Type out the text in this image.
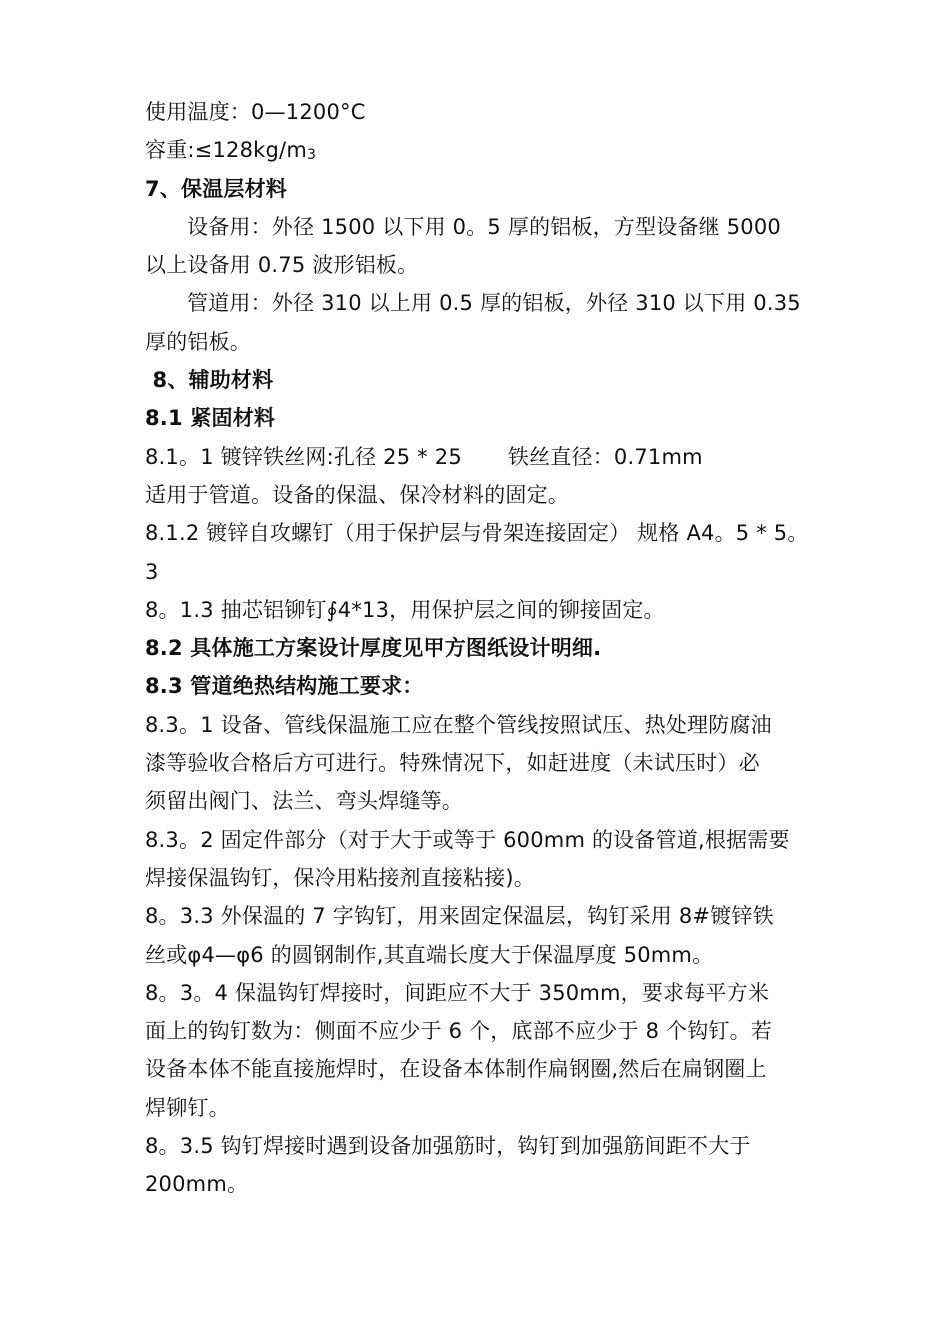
使用温度：0—1200°C
容重:≤128kg/m3
7、保温层材料
设备用：外径 1500 以下用 0。5 厚的铝板，方型设备继 5000
以上设备用 0.75 波形铝板。
管道用：外径 310 以上用 0.5 厚的铝板，外径 310 以下用 0.35
厚的铝板。
8、辅助材料
8.1 紧固材料
8.1。1 镀锌铁丝网:孔径 25 * 25 铁丝直径：0.71mm
适用于管道。设备的保温、保冷材料的固定。
8.1.2 镀锌自攻螺钉（用于保护层与骨架连接固定） 规格 A4。5 * 5。
3
8。1.3 抽芯铝铆钉∮4*13，用保护层之间的铆接固定。
8.2 具体施工方案设计厚度见甲方图纸设计明细.
8.3 管道绝热结构施工要求：
8.3。1 设备、管线保温施工应在整个管线按照试压、热处理防腐油
漆等验收合格后方可进行。特殊情况下，如赶进度（未试压时）必
须留出阀门、法兰、弯头焊缝等。
8.3。2 固定件部分（对于大于或等于 600mm 的设备管道,根据需要
焊接保温钩钉，保冷用粘接剂直接粘接)。
8。3.3 外保温的 7 字钩钉，用来固定保温层，钩钉采用 8#镀锌铁
丝或φ4—φ6 的圆钢制作,其直端长度大于保温厚度 50mm。
8。3。4 保温钩钉焊接时，间距应不大于 350mm，要求每平方米
面上的钩钉数为：侧面不应少于 6 个，底部不应少于 8 个钩钉。若
设备本体不能直接施焊时，在设备本体制作扁钢圈,然后在扁钢圈上
焊铆钉。
8。3.5 钩钉焊接时遇到设备加强筋时，钩钉到加强筋间距不大于
200mm。
